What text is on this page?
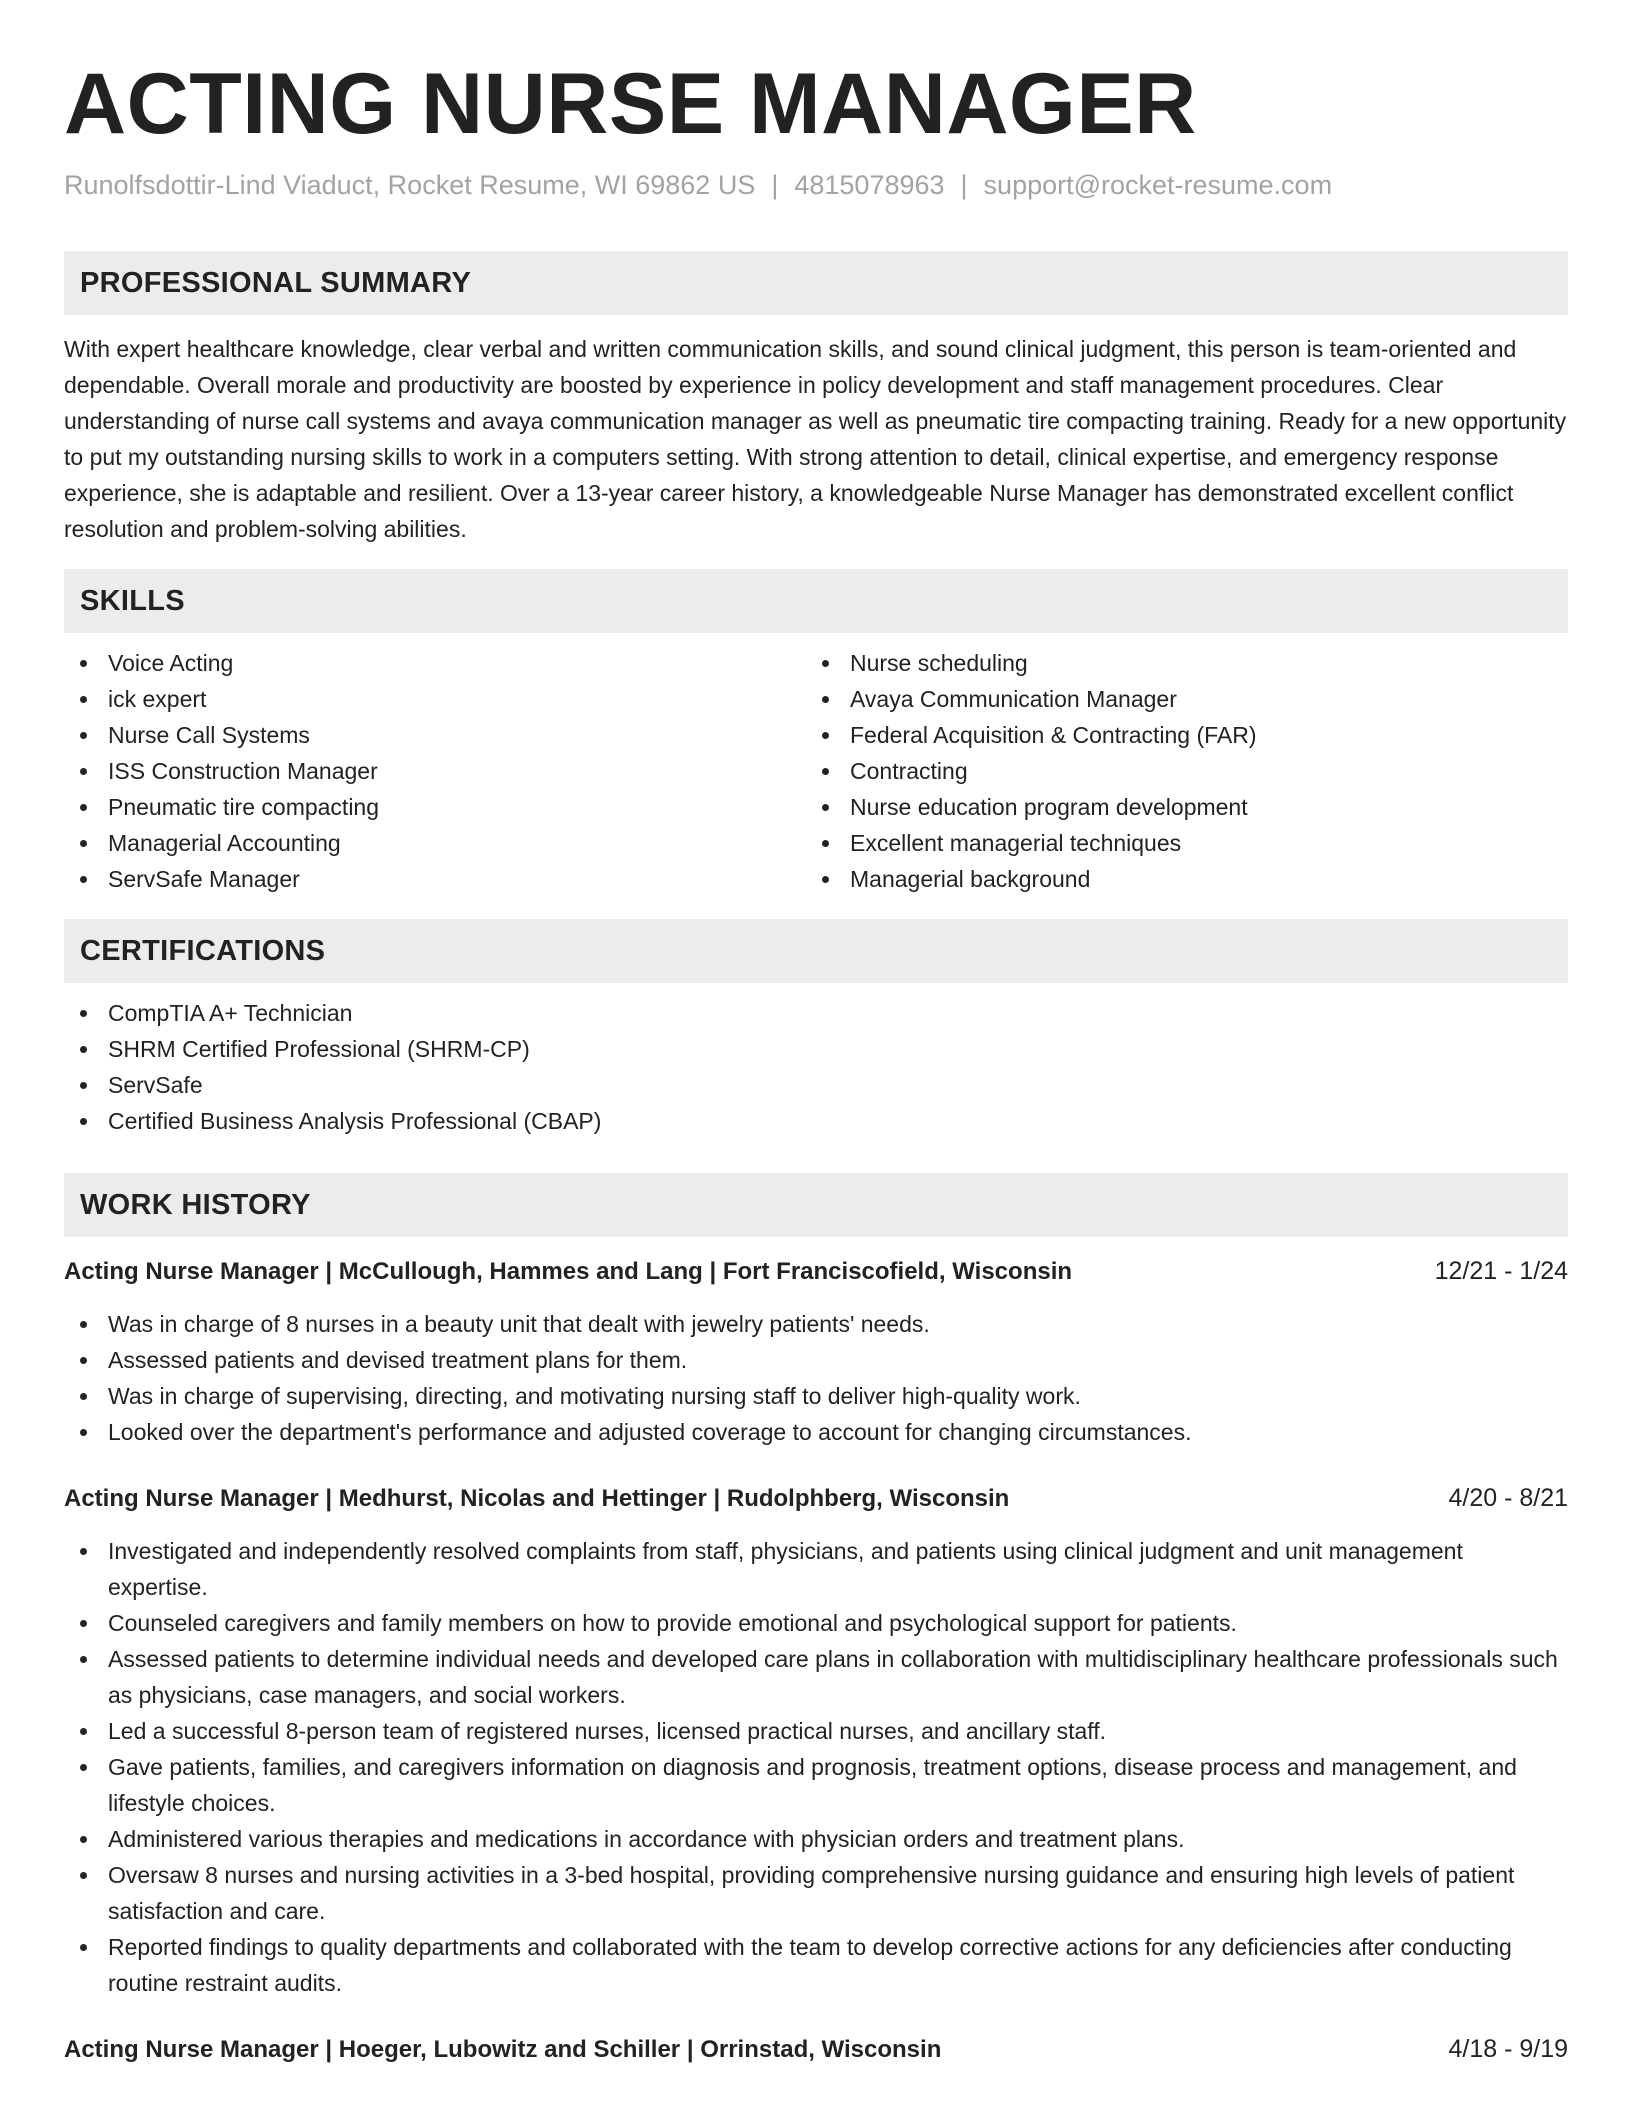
ACTING NURSE MANAGER
Runolfsdottir-Lind Viaduct, Rocket Resume, WI 69862 US | 4815078963 | support@rocket-resume.com
PROFESSIONAL SUMMARY

With expert healthcare knowledge, clear verbal and written communication skills, and sound clinical judgment, this person is team-oriented and dependable. Overall morale and productivity are boosted by experience in policy development and staff management procedures. Clear understanding of nurse call systems and avaya communication manager as well as pneumatic tire compacting training. Ready for a new opportunity to put my outstanding nursing skills to work in a computers setting. With strong attention to detail, clinical expertise, and emergency response experience, she is adaptable and resilient. Over a 13-year career history, a knowledgeable Nurse Manager has demonstrated excellent conflict resolution and problem-solving abilities.

SKILLS
Voice Acting
ick expert
Nurse Call Systems
ISS Construction Manager
Pneumatic tire compacting
Managerial Accounting
ServSafe Manager
Nurse scheduling
Avaya Communication Manager
Federal Acquisition & Contracting (FAR)
Contracting
Nurse education program development
Excellent managerial techniques
Managerial background
CERTIFICATIONS
CompTIA A+ Technician
SHRM Certified Professional (SHRM-CP)
ServSafe
Certified Business Analysis Professional (CBAP)
WORK HISTORY
Acting Nurse Manager | McCullough, Hammes and Lang | Fort Franciscofield, Wisconsin	12/21 - 1/24
Was in charge of 8 nurses in a beauty unit that dealt with jewelry patients' needs.
Assessed patients and devised treatment plans for them.
Was in charge of supervising, directing, and motivating nursing staff to deliver high-quality work.
Looked over the department's performance and adjusted coverage to account for changing circumstances.
Acting Nurse Manager | Medhurst, Nicolas and Hettinger | Rudolphberg, Wisconsin	4/20 - 8/21
Investigated and independently resolved complaints from staff, physicians, and patients using clinical judgment and unit management expertise.
Counseled caregivers and family members on how to provide emotional and psychological support for patients.
Assessed patients to determine individual needs and developed care plans in collaboration with multidisciplinary healthcare professionals such as physicians, case managers, and social workers.
Led a successful 8-person team of registered nurses, licensed practical nurses, and ancillary staff.
Gave patients, families, and caregivers information on diagnosis and prognosis, treatment options, disease process and management, and lifestyle choices.
Administered various therapies and medications in accordance with physician orders and treatment plans.
Oversaw 8 nurses and nursing activities in a 3-bed hospital, providing comprehensive nursing guidance and ensuring high levels of patient satisfaction and care.
Reported findings to quality departments and collaborated with the team to develop corrective actions for any deficiencies after conducting routine restraint audits.
Acting Nurse Manager | Hoeger, Lubowitz and Schiller | Orrinstad, Wisconsin	4/18 - 9/19
